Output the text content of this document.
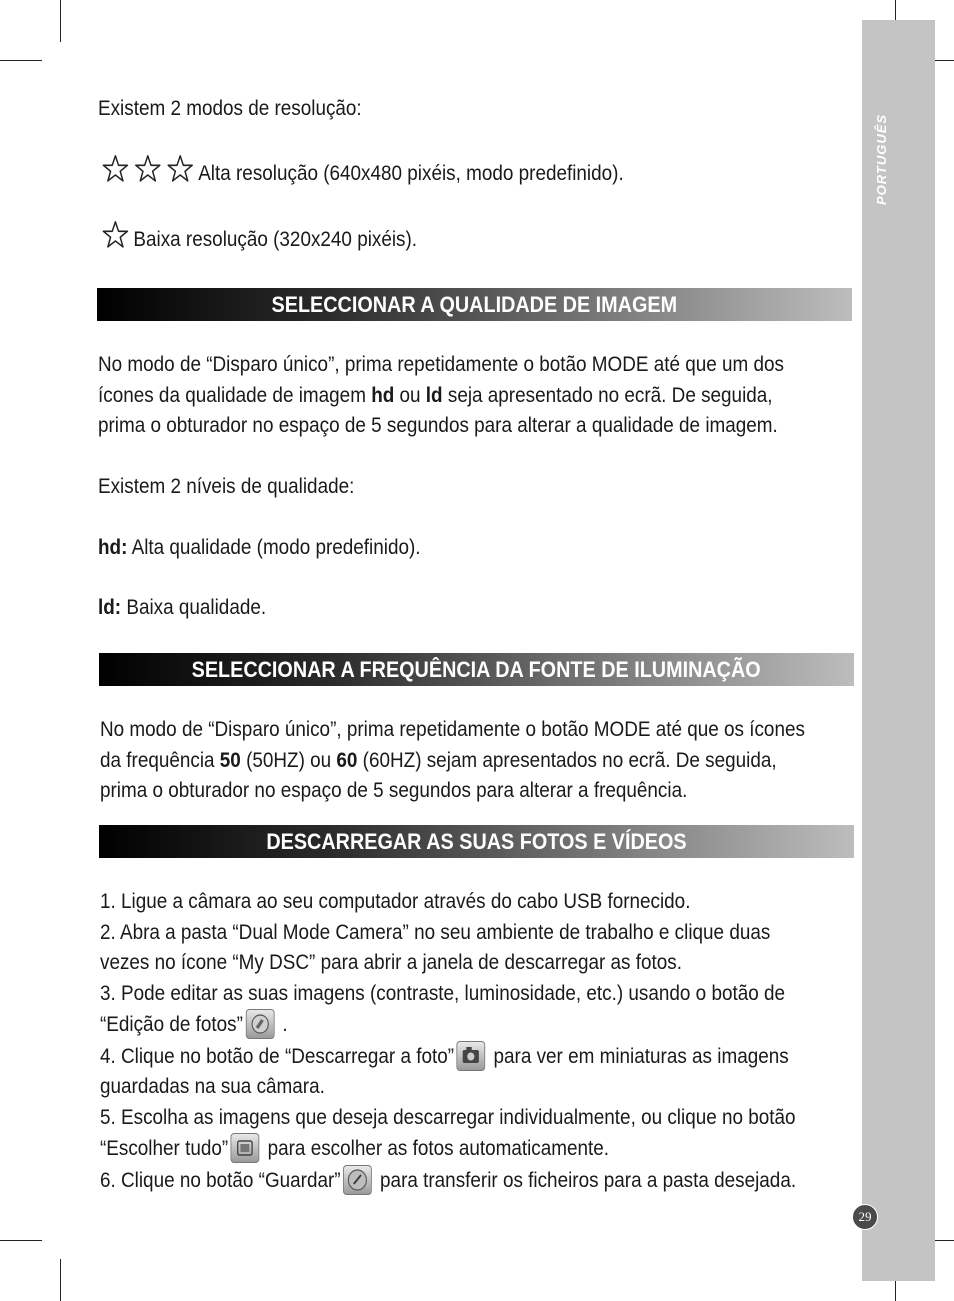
PORTUGUÊS
Existem 2 modos de resolução:
Alta resolução (640x480 pixéis, modo predefinido).
Baixa resolução (320x240 pixéis).
SELECCIONAR A QUALIDADE DE IMAGEM
No modo de “Disparo único”, prima repetidamente o botão MODE até que um dos
ícones da qualidade de imagem hd ou ld seja apresentado no ecrã. De seguida,
prima o obturador no espaço de 5 segundos para alterar a qualidade de imagem.
Existem 2 níveis de qualidade:
hd: Alta qualidade (modo predefinido).
ld: Baixa qualidade.
SELECCIONAR A FREQUÊNCIA DA FONTE DE ILUMINAÇÃO
No modo de “Disparo único”, prima repetidamente o botão MODE até que os ícones
da frequência 50 (50HZ) ou 60 (60HZ) sejam apresentados no ecrã. De seguida,
prima o obturador no espaço de 5 segundos para alterar a frequência.
DESCARREGAR AS SUAS FOTOS E VÍDEOS
1. Ligue a câmara ao seu computador através do cabo USB fornecido.
2. Abra a pasta “Dual Mode Camera” no seu ambiente de trabalho e clique duas
vezes no ícone “My DSC” para abrir a janela de descarregar as fotos.
3. Pode editar as suas imagens (contraste, luminosidade, etc.) usando o botão de
“Edição de fotos”
.
4. Clique no botão de “Descarregar a foto”
para ver em miniaturas as imagens
guardadas na sua câmara.
5. Escolha as imagens que deseja descarregar individualmente, ou clique no botão
“Escolher tudo”
para escolher as fotos automaticamente.
6. Clique no botão “Guardar”
para transferir os ficheiros para a pasta desejada.
29
